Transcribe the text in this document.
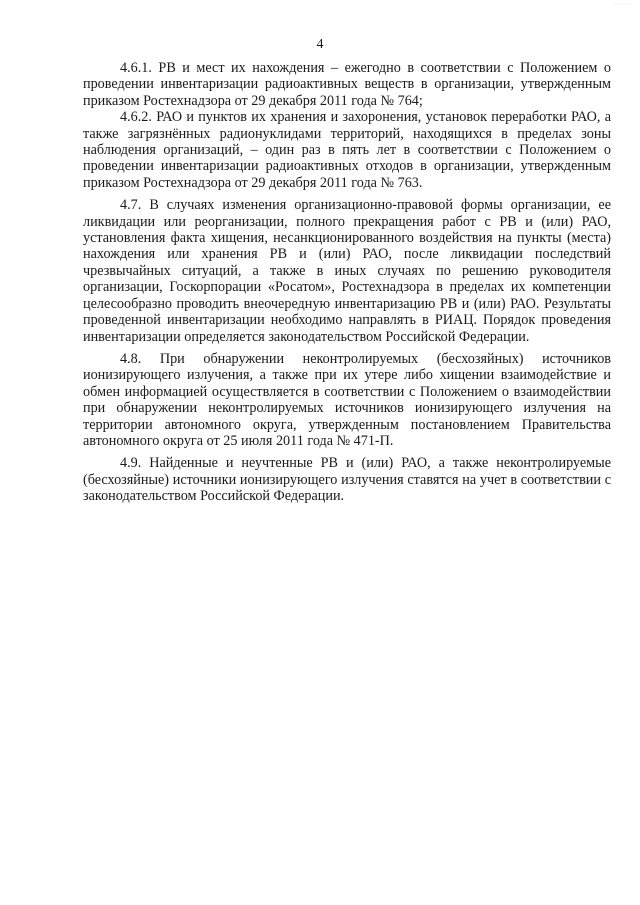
······
4

4.6.1. РВ и мест их нахождения – ежегодно в соответствии с Положением о проведении инвентаризации радиоактивных веществ в организации, утвержденным приказом Ростехнадзора от 29 декабря 2011 года № 764;

4.6.2. РАО и пунктов их хранения и захоронения, установок переработки РАО, а также загрязнённых радионуклидами территорий, находящихся в пределах зоны наблюдения организаций, – один раз в пять лет в соответствии с Положением о проведении инвентаризации радиоактивных отходов в организации, утвержденным приказом Ростехнадзора от 29 декабря 2011 года № 763.

4.7. В случаях изменения организационно-правовой формы организации, ее ликвидации или реорганизации, полного прекращения работ с РВ и (или) РАО, установления факта хищения, несанкционированного воздействия на пункты (места) нахождения или хранения РВ и (или) РАО, после ликвидации последствий чрезвычайных ситуаций, а также в иных случаях по решению руководителя организации, Госкорпорации «Росатом», Ростехнадзора в пределах их компетенции целесообразно проводить внеочередную инвентаризацию РВ и (или) РАО. Результаты проведенной инвентаризации необходимо направлять в РИАЦ. Порядок проведения инвентаризации определяется законодательством Российской Федерации.

4.8. При обнаружении неконтролируемых (бесхозяйных) источников ионизирующего излучения, а также при их утере либо хищении взаимодействие и обмен информацией осуществляется в соответствии с Положением о взаимодействии при обнаружении неконтролируемых источников ионизирующего излучения на территории автономного округа, утвержденным постановлением Правительства автономного округа от 25 июля 2011 года № 471-П.

4.9. Найденные и неучтенные РВ и (или) РАО, а также неконтролируемые (бесхозяйные) источники ионизирующего излучения ставятся на учет в соответствии с законодательством Российской Федерации.
